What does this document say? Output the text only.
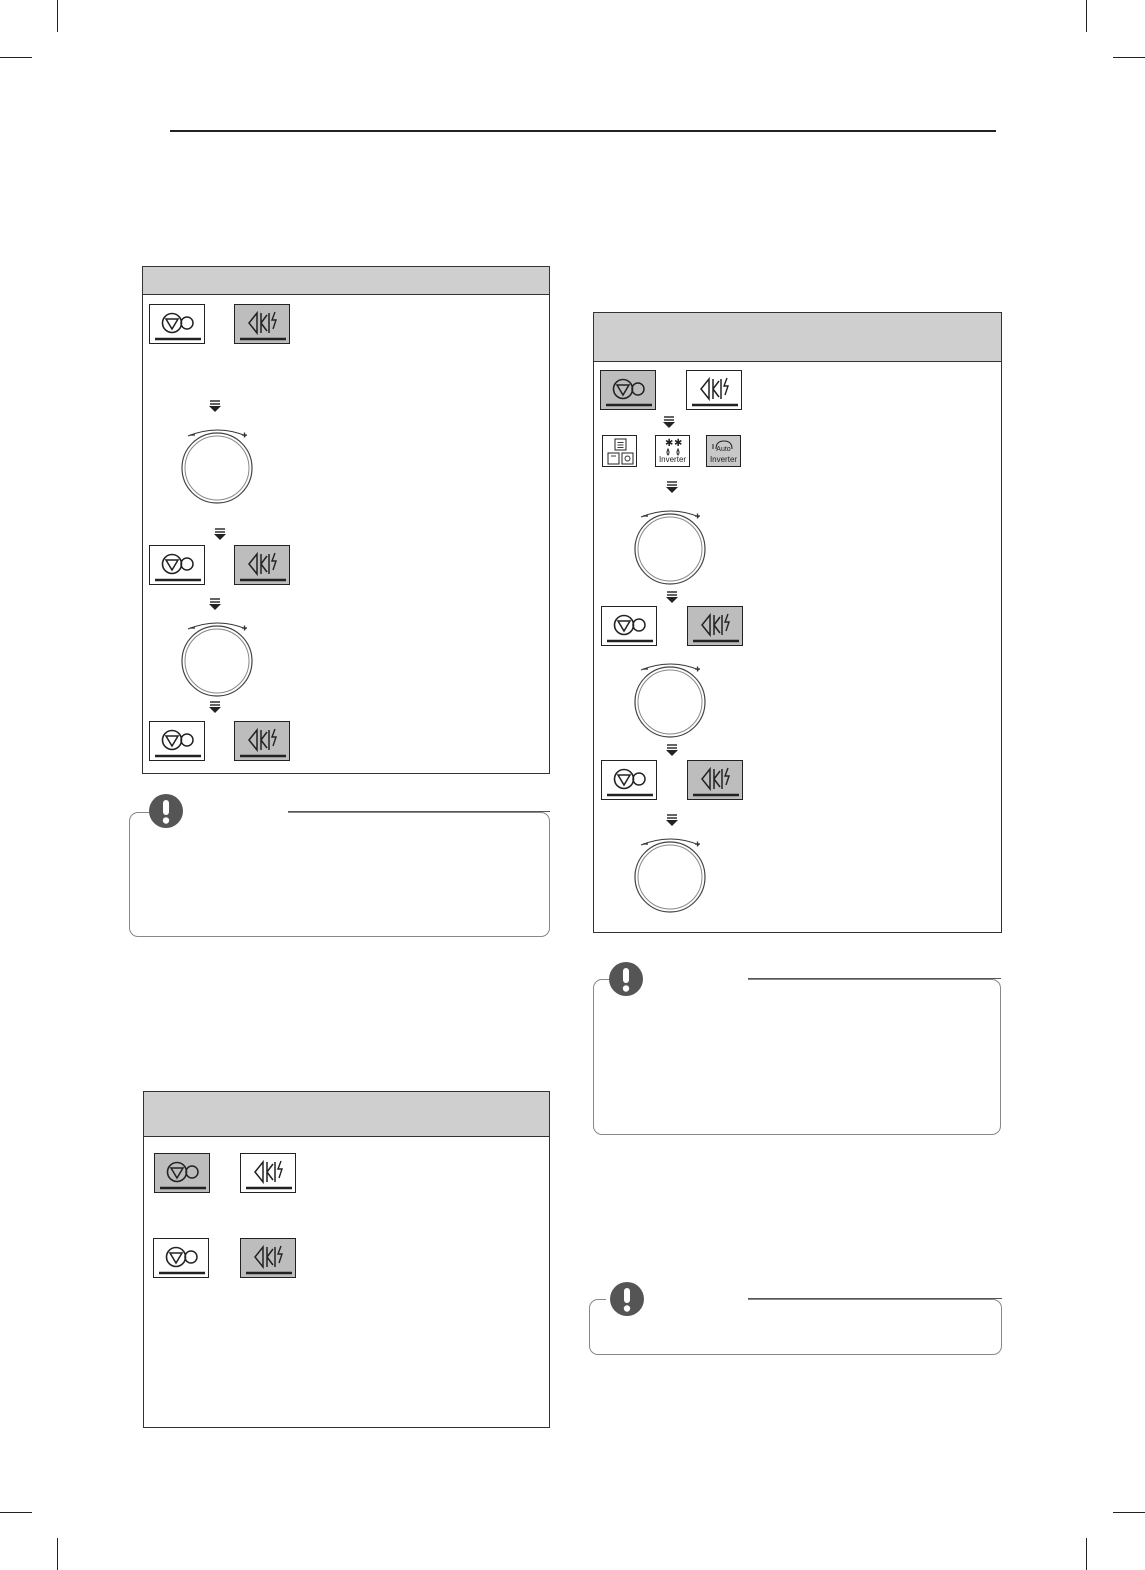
✱ ✱
Inverter
Auto
Inverter
